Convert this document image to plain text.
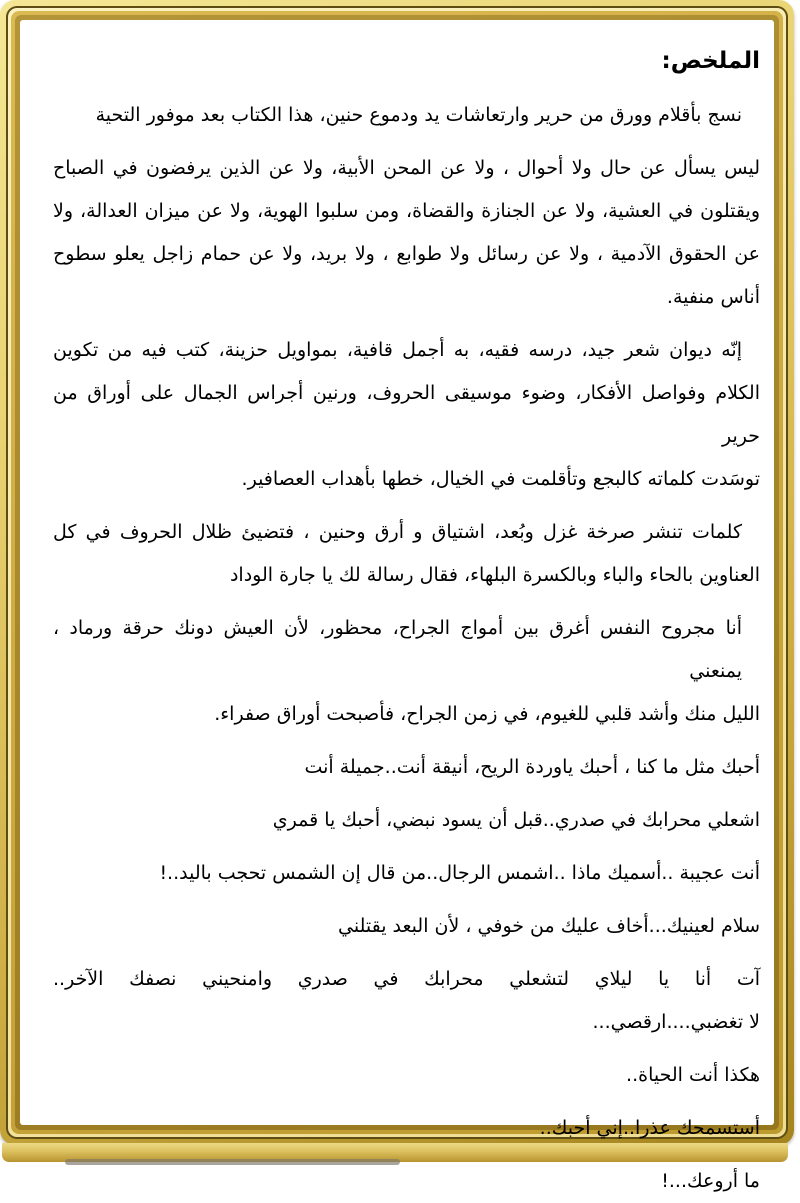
الملخص:
نسج بأقلام وورق من حرير وارتعاشات يد ودموع حنين، هذا الكتاب بعد موفور التحية
ليس يسأل عن حال ولا أحوال ، ولا عن المحن الأبية، ولا عن الذين يرفضون في الصباح
ويقتلون في العشية، ولا عن الجنازة والقضاة، ومن سلبوا الهوية، ولا عن ميزان العدالة، ولا
عن الحقوق الآدمية ، ولا عن رسائل ولا طوابع ، ولا بريد، ولا عن حمام زاجل يعلو سطوح
أناس منفية.
إنّه ديوان شعر جيد، درسه فقيه، به أجمل قافية، بمواويل حزينة، كتب فيه من تكوين
الكلام وفواصل الأفكار، وضوء موسيقى الحروف، ورنين أجراس الجمال على أوراق من حرير
توسَدت كلماته كالبجع وتأقلمت في الخيال، خطها بأهداب العصافير.
كلمات تنشر صرخة غزل وبُعد، اشتياق و أرق وحنين ، فتضيئ ظلال الحروف في كل
العناوين بالحاء والباء وبالكسرة البلهاء، فقال رسالة لك يا جارة الوداد
أنا مجروح النفس أغرق بين أمواج الجراح، محظور، لأن العيش دونك حرقة ورماد ، يمنعني
الليل منك وأشد قلبي للغيوم، في زمن الجراح، فأصبحت أوراق صفراء.
أحبك مثل ما كنا ، أحبك ياوردة الريح، أنيقة أنت..جميلة أنت
اشعلي محرابك في صدري..قبل أن يسود نبضي، أحبك يا قمري
أنت عجيبة ..أسميك ماذا ..اشمس الرجال..من قال إن الشمس تحجب باليد..!
سلام لعينيك...أخاف عليك من خوفي ، لأن البعد يقتلني
آت أنا يا ليلاي لتشعلي محرابك في صدري وامنحيني نصفك الآخر..
لا تغضبي....ارقصي...
هكذا أنت الحياة..
أستسمحك عذرا..إني أحبك..
ما أروعك...!
